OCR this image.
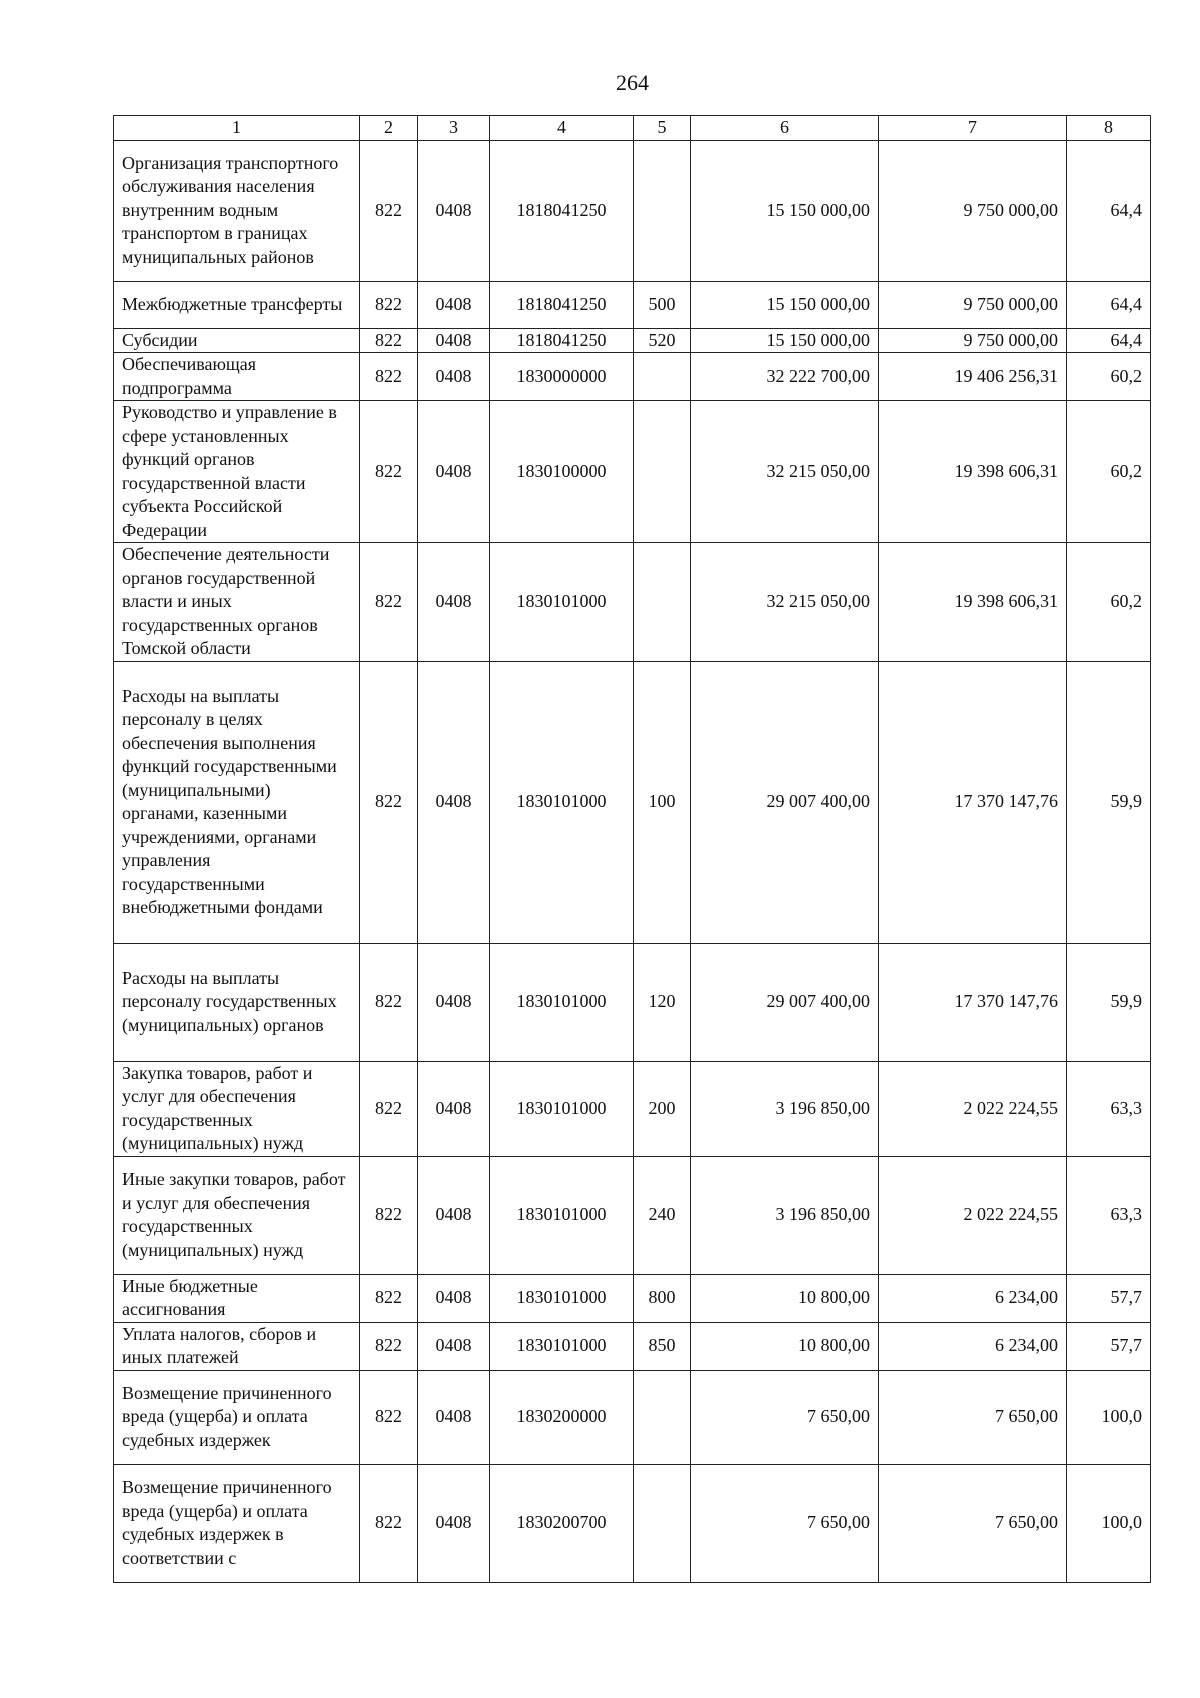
264
1	2	3	4	5	6	7	8
Организация транспортного обслуживания населения внутренним водным транспортом в границах муниципальных районов	822	0408	1818041250		15 150 000,00	9 750 000,00	64,4
Межбюджетные трансферты	822	0408	1818041250	500	15 150 000,00	9 750 000,00	64,4
Субсидии	822	0408	1818041250	520	15 150 000,00	9 750 000,00	64,4
Обеспечивающая подпрограмма	822	0408	1830000000		32 222 700,00	19 406 256,31	60,2
Руководство и управление в сфере установленных функций органов государственной власти субъекта Российской Федерации	822	0408	1830100000		32 215 050,00	19 398 606,31	60,2
Обеспечение деятельности органов государственной власти и иных государственных органов Томской области	822	0408	1830101000		32 215 050,00	19 398 606,31	60,2
Расходы на выплаты персоналу в целях обеспечения выполнения функций государственными (муниципальными) органами, казенными учреждениями, органами управления государственными внебюджетными фондами	822	0408	1830101000	100	29 007 400,00	17 370 147,76	59,9
Расходы на выплаты персоналу государственных (муниципальных) органов	822	0408	1830101000	120	29 007 400,00	17 370 147,76	59,9
Закупка товаров, работ и услуг для обеспечения государственных (муниципальных) нужд	822	0408	1830101000	200	3 196 850,00	2 022 224,55	63,3
Иные закупки товаров, работ и услуг для обеспечения государственных (муниципальных) нужд	822	0408	1830101000	240	3 196 850,00	2 022 224,55	63,3
Иные бюджетные ассигнования	822	0408	1830101000	800	10 800,00	6 234,00	57,7
Уплата налогов, сборов и иных платежей	822	0408	1830101000	850	10 800,00	6 234,00	57,7
Возмещение причиненного вреда (ущерба) и оплата судебных издержек	822	0408	1830200000		7 650,00	7 650,00	100,0
Возмещение причиненного вреда (ущерба) и оплата судебных издержек в соответствии с	822	0408	1830200700		7 650,00	7 650,00	100,0
